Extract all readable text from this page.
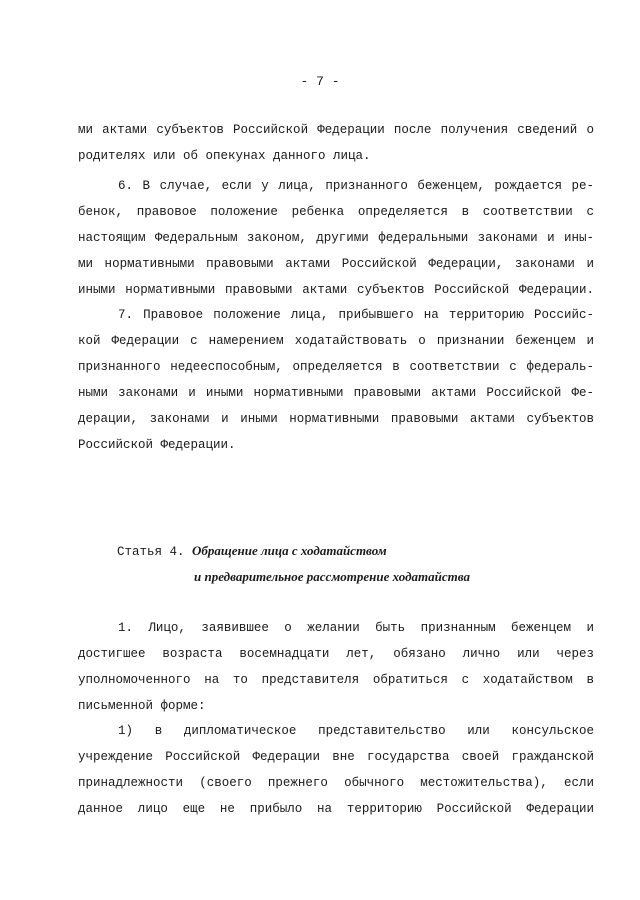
- 7 -
ми актами субъектов Российской Федерации после получения сведений о
родителях или об опекунах данного лица.
6. В случае, если у лица, признанного беженцем, рождается ре-
бенок, правовое положение ребенка определяется в соответствии с
настоящим Федеральным законом, другими федеральными законами и ины-
ми нормативными правовыми актами Российской Федерации, законами и
иными нормативными правовыми актами субъектов Российской Федерации.
7. Правовое положение лица, прибывшего на территорию Российс-
кой Федерации с намерением ходатайствовать о признании беженцем и
признанного недееспособным, определяется в соответствии с федераль-
ными законами и иными нормативными правовыми актами Российской Фе-
дерации, законами и иными нормативными правовыми актами субъектов
Российской Федерации.
Статья 4. Обращение лица с ходатайством
и предварительное рассмотрение ходатайства
1. Лицо, заявившее о желании быть признанным беженцем и
достигшее возраста восемнадцати лет, обязано лично или через
уполномоченного на то представителя обратиться с ходатайством в
письменной форме:
1) в дипломатическое представительство или консульское
учреждение Российской Федерации вне государства своей гражданской
принадлежности (своего прежнего обычного местожительства), если
данное лицо еще не прибыло на территорию Российской Федерации
